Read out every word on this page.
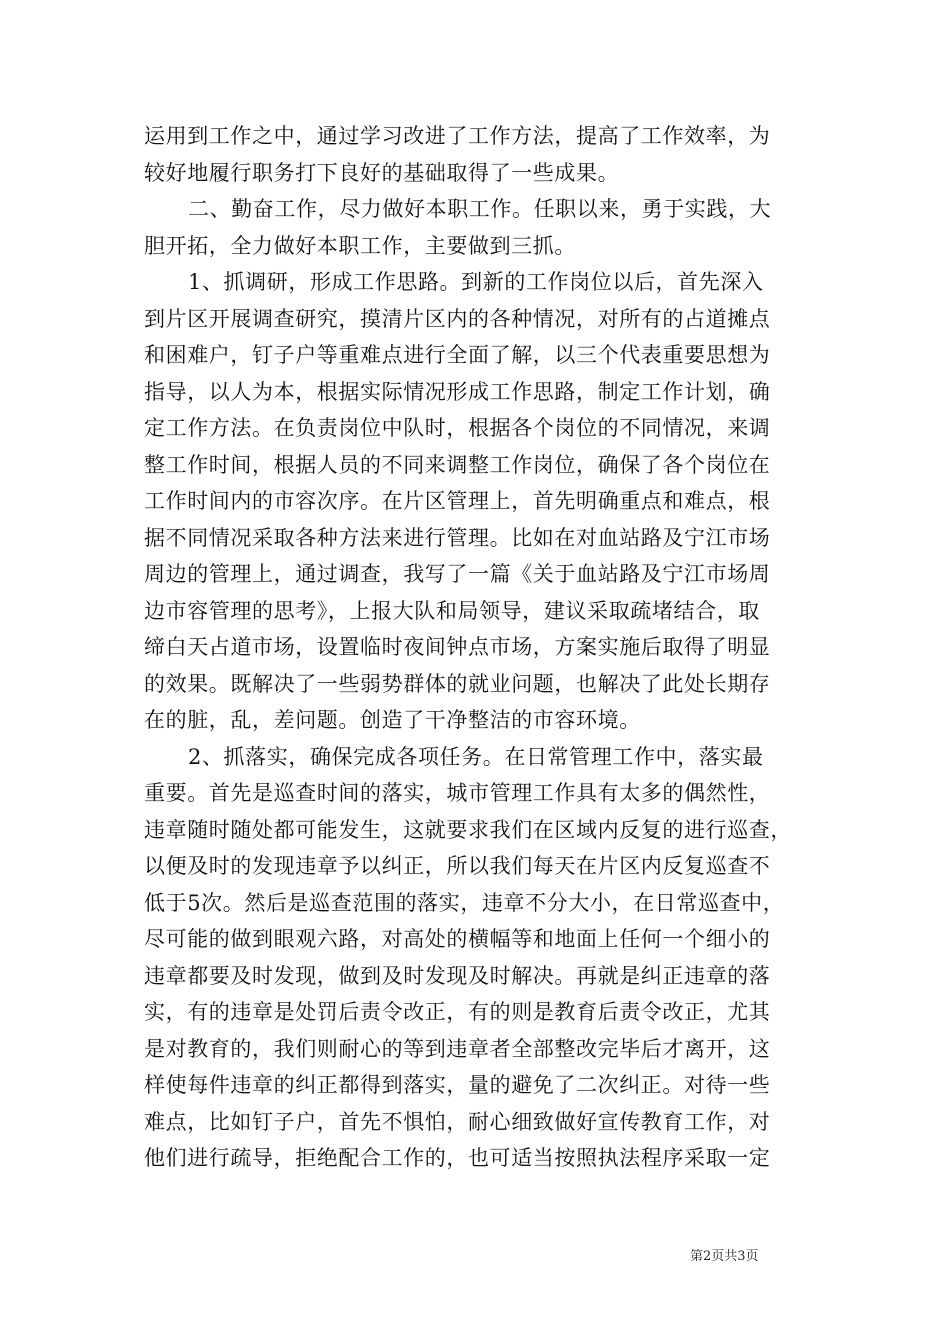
运用到工作之中，通过学习改进了工作方法，提高了工作效率，为
较好地履行职务打下良好的基础取得了一些成果。
二、勤奋工作，尽力做好本职工作。任职以来，勇于实践，大
胆开拓，全力做好本职工作，主要做到三抓。
1、抓调研，形成工作思路。到新的工作岗位以后，首先深入
到片区开展调查研究，摸清片区内的各种情况，对所有的占道摊点
和困难户，钉子户等重难点进行全面了解，以三个代表重要思想为
指导，以人为本，根据实际情况形成工作思路，制定工作计划，确
定工作方法。在负责岗位中队时，根据各个岗位的不同情况，来调
整工作时间，根据人员的不同来调整工作岗位，确保了各个岗位在
工作时间内的市容次序。在片区管理上，首先明确重点和难点，根
据不同情况采取各种方法来进行管理。比如在对血站路及宁江市场
周边的管理上，通过调查，我写了一篇《关于血站路及宁江市场周
边市容管理的思考》，上报大队和局领导，建议采取疏堵结合，取
缔白天占道市场，设置临时夜间钟点市场，方案实施后取得了明显
的效果。既解决了一些弱势群体的就业问题，也解决了此处长期存
在的脏，乱，差问题。创造了干净整洁的市容环境。
2、抓落实，确保完成各项任务。在日常管理工作中，落实最
重要。首先是巡查时间的落实，城市管理工作具有太多的偶然性，
违章随时随处都可能发生，这就要求我们在区域内反复的进行巡查，
以便及时的发现违章予以纠正，所以我们每天在片区内反复巡查不
低于5次。然后是巡查范围的落实，违章不分大小，在日常巡查中，
尽可能的做到眼观六路，对高处的横幅等和地面上任何一个细小的
违章都要及时发现，做到及时发现及时解决。再就是纠正违章的落
实，有的违章是处罚后责令改正，有的则是教育后责令改正，尤其
是对教育的，我们则耐心的等到违章者全部整改完毕后才离开，这
样使每件违章的纠正都得到落实，量的避免了二次纠正。对待一些
难点，比如钉子户，首先不惧怕，耐心细致做好宣传教育工作，对
他们进行疏导，拒绝配合工作的，也可适当按照执法程序采取一定
第2页共3页
